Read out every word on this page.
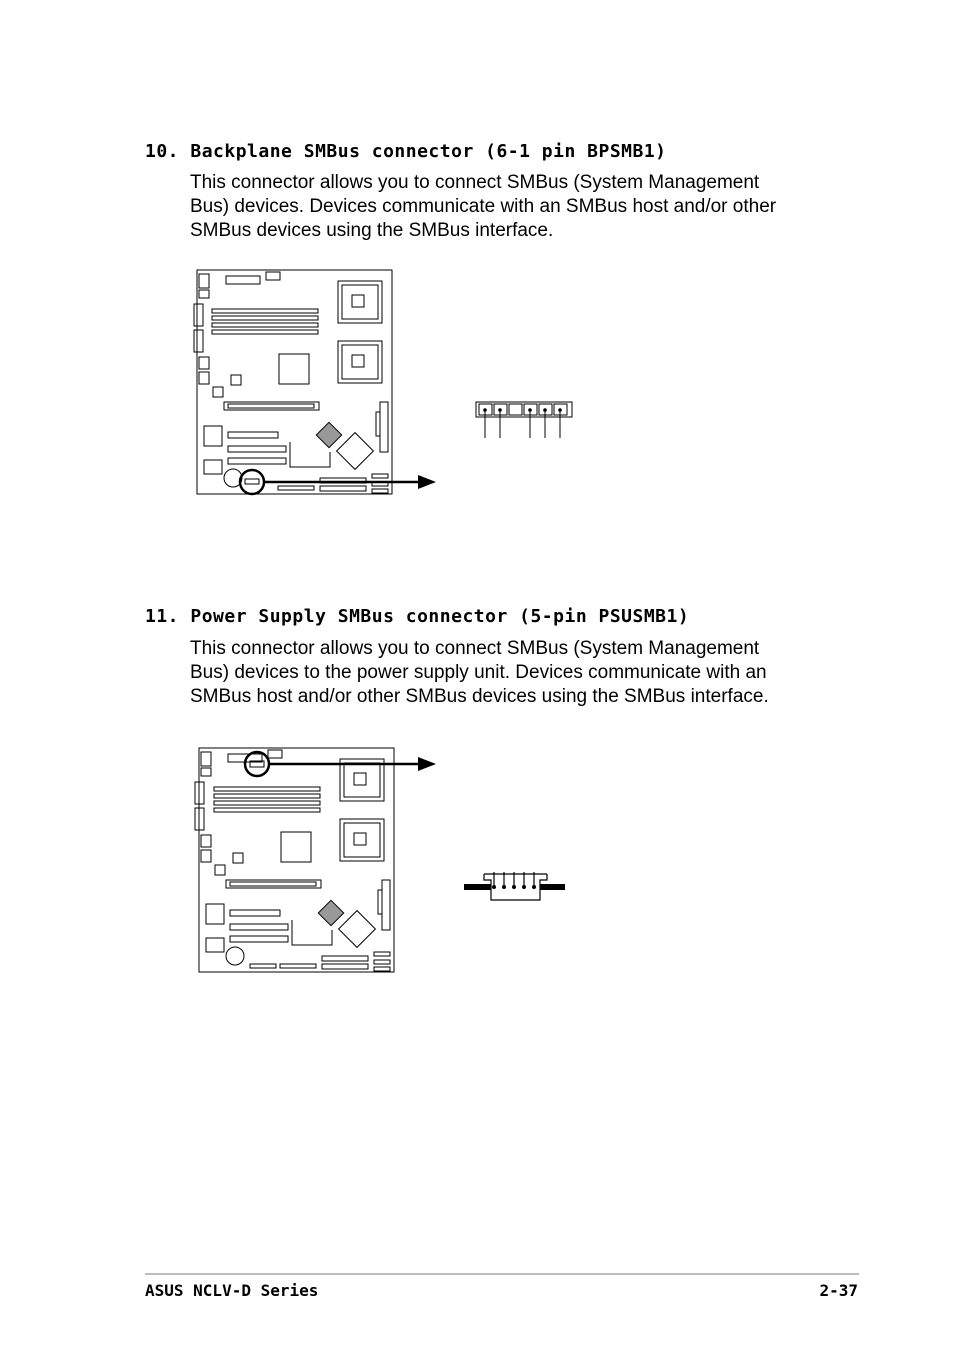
10. Backplane SMBus connector (6-1 pin BPSMB1)
This connector allows you to connect SMBus (System Management
Bus) devices. Devices communicate with an SMBus host and/or other
SMBus devices using the SMBus interface.
11. Power Supply SMBus connector (5-pin PSUSMB1)
This connector allows you to connect SMBus (System Management
Bus) devices to the power supply unit. Devices communicate with an
SMBus host and/or other SMBus devices using the SMBus interface.
ASUS NCLV-D Series	2-37
